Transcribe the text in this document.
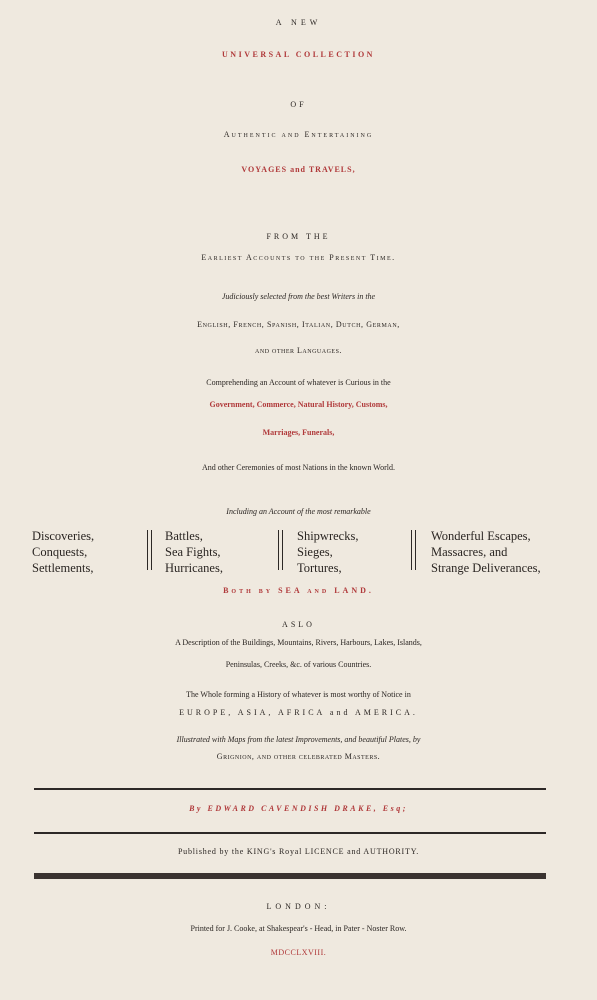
A NEW
UNIVERSAL COLLECTION
OF
Authentic and Entertaining
VOYAGES and TRAVELS,
FROM THE
Earliest Accounts to the Present Time.
Judiciously selected from the best Writers in the
English, French, Spanish, Italian, Dutch, German,
and other Languages.
Comprehending an Account of whatever is Curious in the
Government, Commerce, Natural History, Customs,
Marriages, Funerals,
And other Ceremonies of most Nations in the known World.
Including an Account of the most remarkable
Discoveries,
Conquests,
Settlements,
Battles,
Sea Fights,
Hurricanes,
Shipwrecks,
Sieges,
Tortures,
Wonderful Escapes,
Massacres, and
Strange Deliverances,
Both by SEA and LAND.
ASLO
A Description of the Buildings, Mountains, Rivers, Harbours, Lakes, Islands,
Peninsulas, Creeks, &c. of various Countries.
The Whole forming a History of whatever is most worthy of Notice in
EUROPE, ASIA, AFRICA and AMERICA.
Illustrated with Maps from the latest Improvements, and beautiful Plates, by
Grignion, and other celebrated Masters.
By EDWARD CAVENDISH DRAKE, Esq;
Published by the KING's Royal LICENCE and AUTHORITY.
LONDON:
Printed for J. Cooke, at Shakespear's - Head, in Pater - Noster Row.
MDCCLXVIII.
